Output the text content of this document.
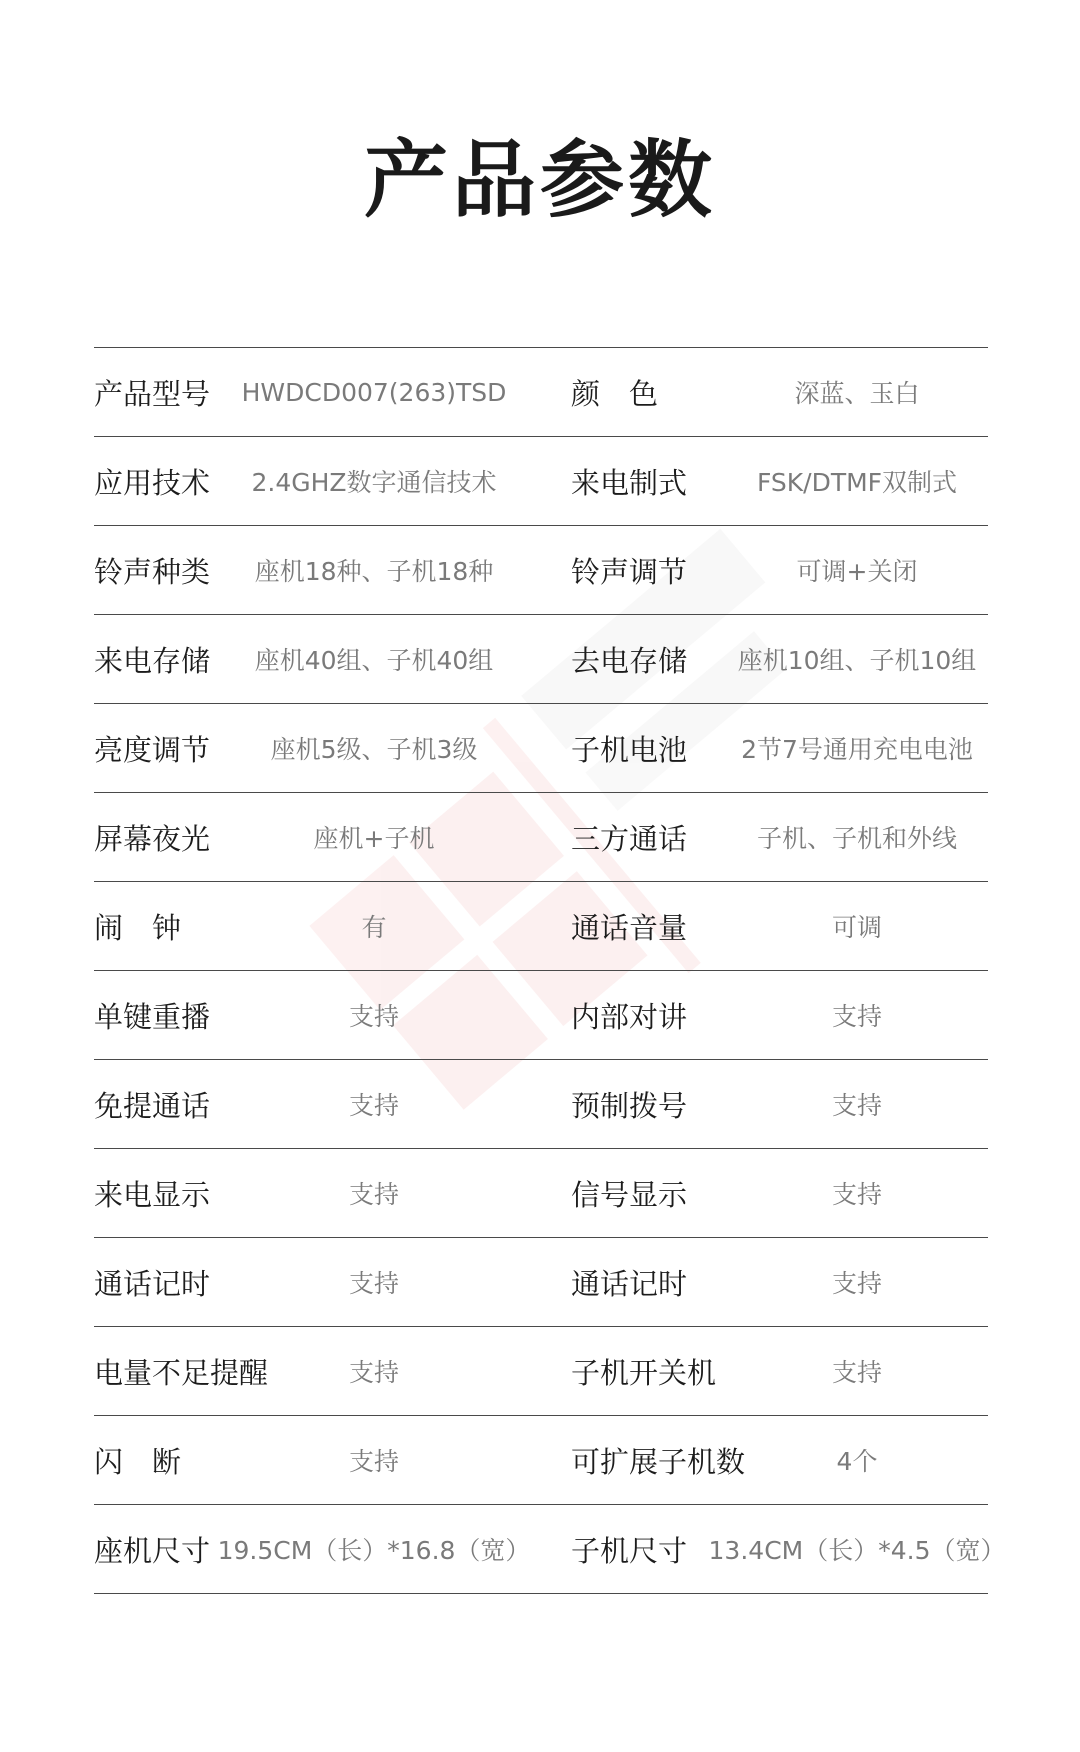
产品参数
产品型号	HWDCD007(263)TSD	颜　色	深蓝、玉白
应用技术	2.4GHZ数字通信技术	来电制式	FSK/DTMF双制式
铃声种类	座机18种、子机18种	铃声调节	可调+关闭
来电存储	座机40组、子机40组	去电存储	座机10组、子机10组
亮度调节	座机5级、子机3级	子机电池	2节7号通用充电电池
屏幕夜光	座机+子机	三方通话	子机、子机和外线
闹　钟	有	通话音量	可调
单键重播	支持	内部对讲	支持
免提通话	支持	预制拨号	支持
来电显示	支持	信号显示	支持
通话记时	支持	通话记时	支持
电量不足提醒	支持	子机开关机	支持
闪　断	支持	可扩展子机数	4个
座机尺寸 19.5CM（长）*16.8（宽） 子机尺寸 13.4CM（长）*4.5（宽）
